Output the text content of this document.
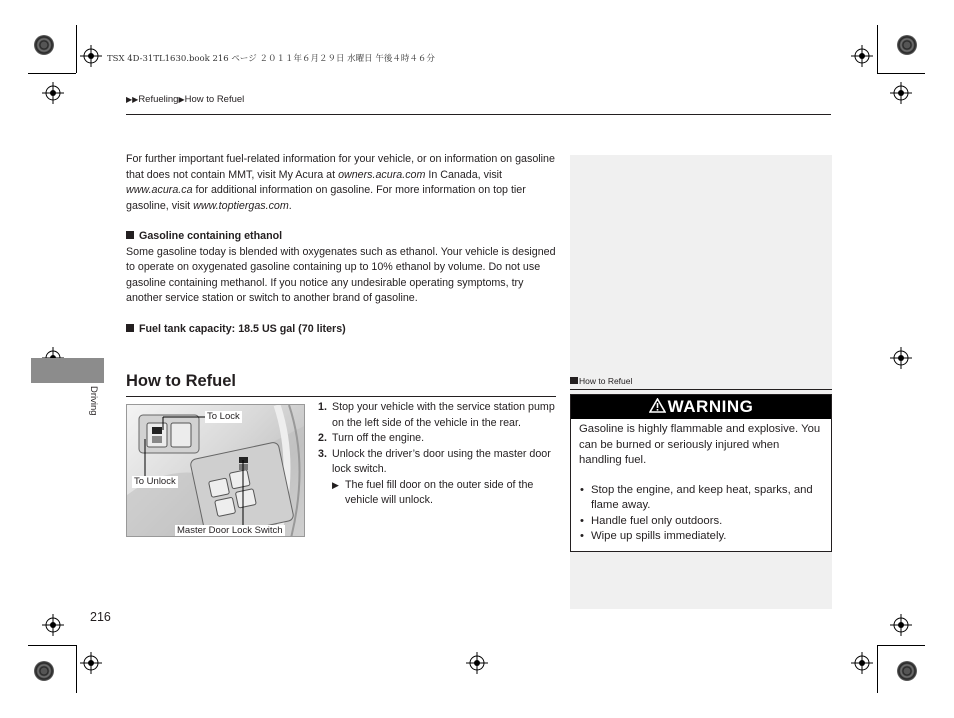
TSX 4D-31TL1630.book 216 ページ ２０１１年６月２９日 水曜日 午後４時４６分
▶▶Refueling▶How to Refuel

For further important fuel-related information for your vehicle, or on information on gasoline that does not contain MMT, visit My Acura at owners.acura.com In Canada, visit www.acura.ca for additional information on gasoline. For more information on top tier gasoline, visit www.toptiergas.com.

Gasoline containing ethanol

Some gasoline today is blended with oxygenates such as ethanol. Your vehicle is designed to operate on oxygenated gasoline containing up to 10% ethanol by volume. Do not use gasoline containing methanol. If you notice any undesirable operating symptoms, try another service station or switch to another brand of gasoline.

Fuel tank capacity: 18.5 US gal (70 liters)

Driving
How to Refuel
To Lock
To Unlock
Master Door Lock Switch
1. Stop your vehicle with the service station pump on the left side of the vehicle in the rear.
2. Turn off the engine.
3. Unlock the driver’s door using the master door lock switch.
▶ The fuel fill door on the outer side of the vehicle will unlock.
How to Refuel
WARNING

Gasoline is highly flammable and explosive. You can be burned or seriously injured when handling fuel.

• Stop the engine, and keep heat, sparks, and flame away.
• Handle fuel only outdoors.
• Wipe up spills immediately.
216
